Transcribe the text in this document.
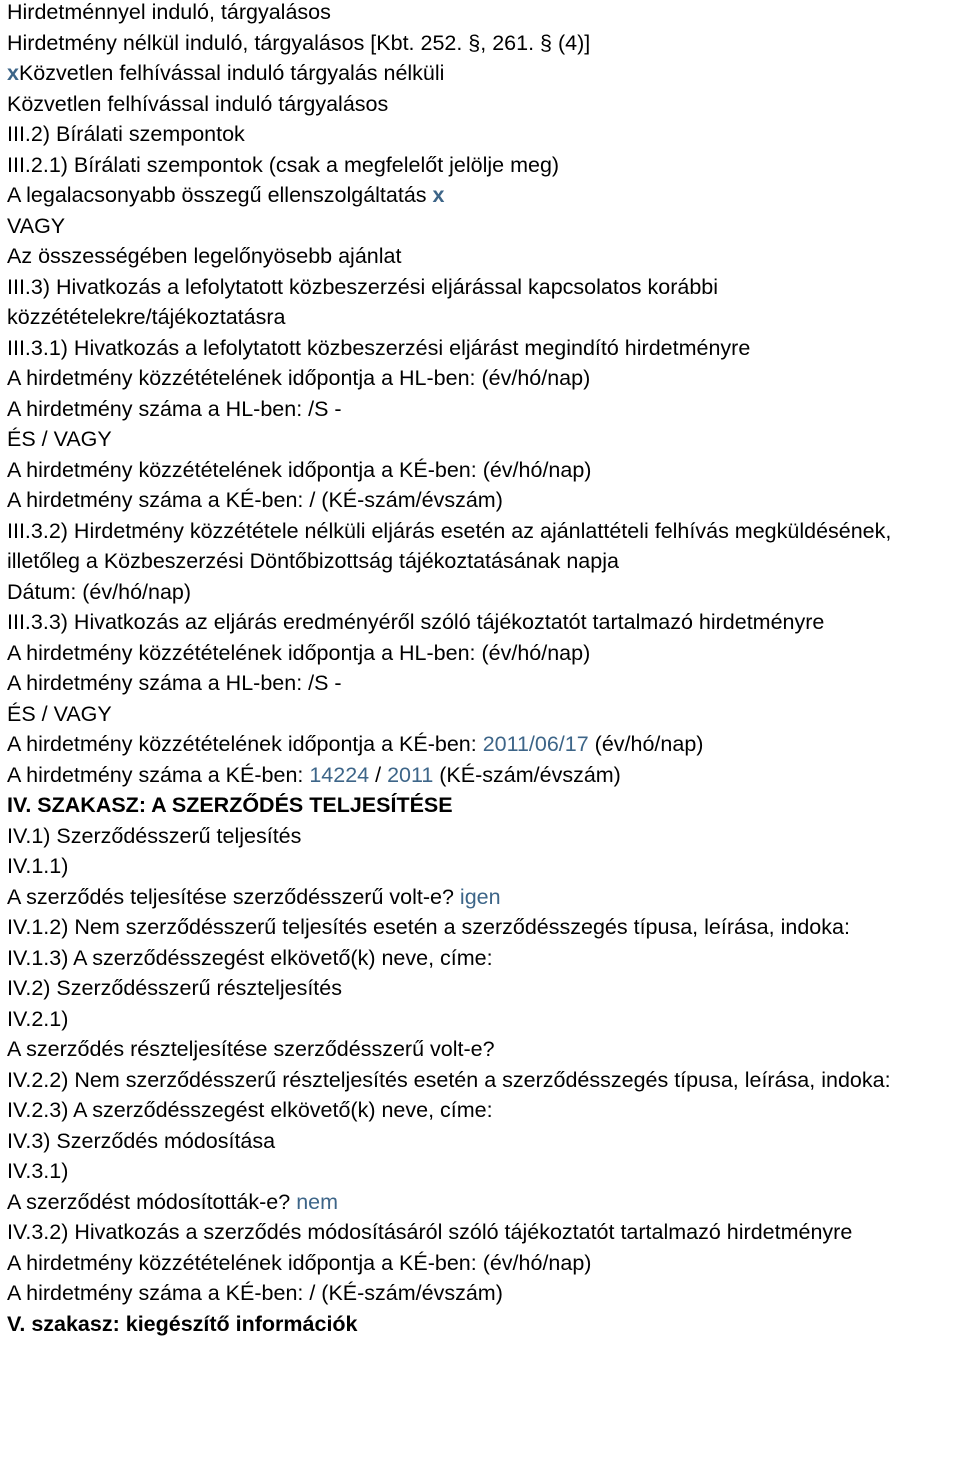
Hirdetménnyel induló, tárgyalásos
Hirdetmény nélkül induló, tárgyalásos [Kbt. 252. §, 261. § (4)]
xKözvetlen felhívással induló tárgyalás nélküli
Közvetlen felhívással induló tárgyalásos
III.2) Bírálati szempontok
III.2.1) Bírálati szempontok (csak a megfelelőt jelölje meg)
A legalacsonyabb összegű ellenszolgáltatás x
VAGY
Az összességében legelőnyösebb ajánlat
III.3) Hivatkozás a lefolytatott közbeszerzési eljárással kapcsolatos korábbi közzétételekre/tájékoztatásra
III.3.1) Hivatkozás a lefolytatott közbeszerzési eljárást megindító hirdetményre
A hirdetmény közzétételének időpontja a HL-ben: (év/hó/nap)
A hirdetmény száma a HL-ben: /S -
ÉS / VAGY
A hirdetmény közzétételének időpontja a KÉ-ben: (év/hó/nap)
A hirdetmény száma a KÉ-ben: / (KÉ-szám/évszám)
III.3.2) Hirdetmény közzététele nélküli eljárás esetén az ajánlattételi felhívás megküldésének, illetőleg a Közbeszerzési Döntőbizottság tájékoztatásának napja
Dátum: (év/hó/nap)
III.3.3) Hivatkozás az eljárás eredményéről szóló tájékoztatót tartalmazó hirdetményre
A hirdetmény közzétételének időpontja a HL-ben: (év/hó/nap)
A hirdetmény száma a HL-ben: /S -
ÉS / VAGY
A hirdetmény közzétételének időpontja a KÉ-ben: 2011/06/17 (év/hó/nap)
A hirdetmény száma a KÉ-ben: 14224 / 2011 (KÉ-szám/évszám)
IV. SZAKASZ: A SZERZŐDÉS TELJESÍTÉSE
IV.1) Szerződésszerű teljesítés
IV.1.1)
A szerződés teljesítése szerződésszerű volt-e? igen
IV.1.2) Nem szerződésszerű teljesítés esetén a szerződésszegés típusa, leírása, indoka:
IV.1.3) A szerződésszegést elkövető(k) neve, címe:
IV.2) Szerződésszerű részteljesítés
IV.2.1)
A szerződés részteljesítése szerződésszerű volt-e?
IV.2.2) Nem szerződésszerű részteljesítés esetén a szerződésszegés típusa, leírása, indoka:
IV.2.3) A szerződésszegést elkövető(k) neve, címe:
IV.3) Szerződés módosítása
IV.3.1)
A szerződést módosították-e? nem
IV.3.2) Hivatkozás a szerződés módosításáról szóló tájékoztatót tartalmazó hirdetményre
A hirdetmény közzétételének időpontja a KÉ-ben: (év/hó/nap)
A hirdetmény száma a KÉ-ben: / (KÉ-szám/évszám)
V. szakasz: kiegészítő információk
